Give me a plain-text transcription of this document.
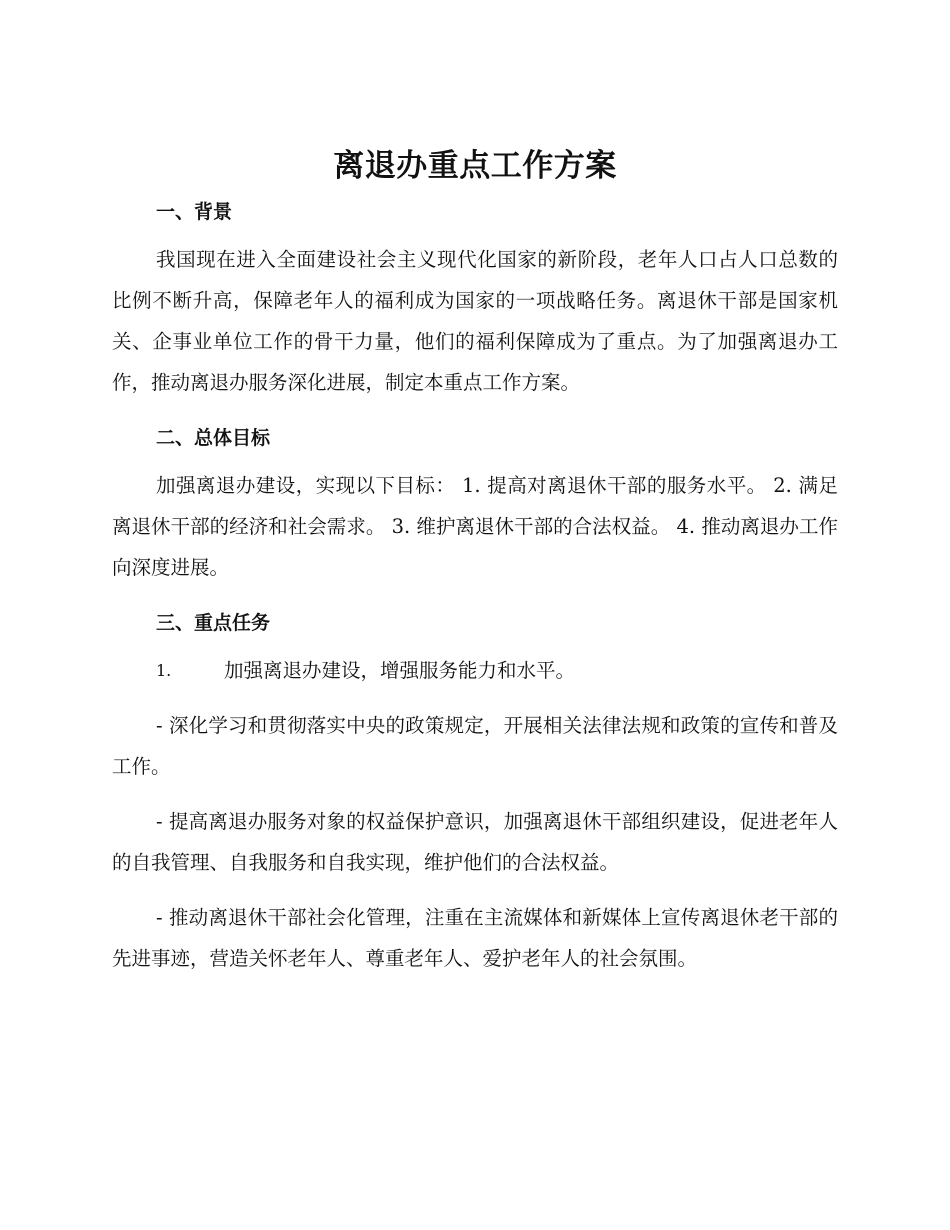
离退办重点工作方案
一、背景

我国现在进入全面建设社会主义现代化国家的新阶段，老年人口占人口总数的比例不断升高，保障老年人的福利成为国家的一项战略任务。离退休干部是国家机关、企事业单位工作的骨干力量，他们的福利保障成为了重点。为了加强离退办工作，推动离退办服务深化进展，制定本重点工作方案。

二、总体目标

加强离退办建设，实现以下目标： 1. 提高对离退休干部的服务水平。 2. 满足离退休干部的经济和社会需求。 3. 维护离退休干部的合法权益。 4. 推动离退办工作向深度进展。

三、重点任务
1.	加强离退办建设，增强服务能力和水平。

- 深化学习和贯彻落实中央的政策规定，开展相关法律法规和政策的宣传和普及工作。

- 提高离退办服务对象的权益保护意识，加强离退休干部组织建设，促进老年人的自我管理、自我服务和自我实现，维护他们的合法权益。

- 推动离退休干部社会化管理，注重在主流媒体和新媒体上宣传离退休老干部的先进事迹，营造关怀老年人、尊重老年人、爱护老年人的社会氛围。
